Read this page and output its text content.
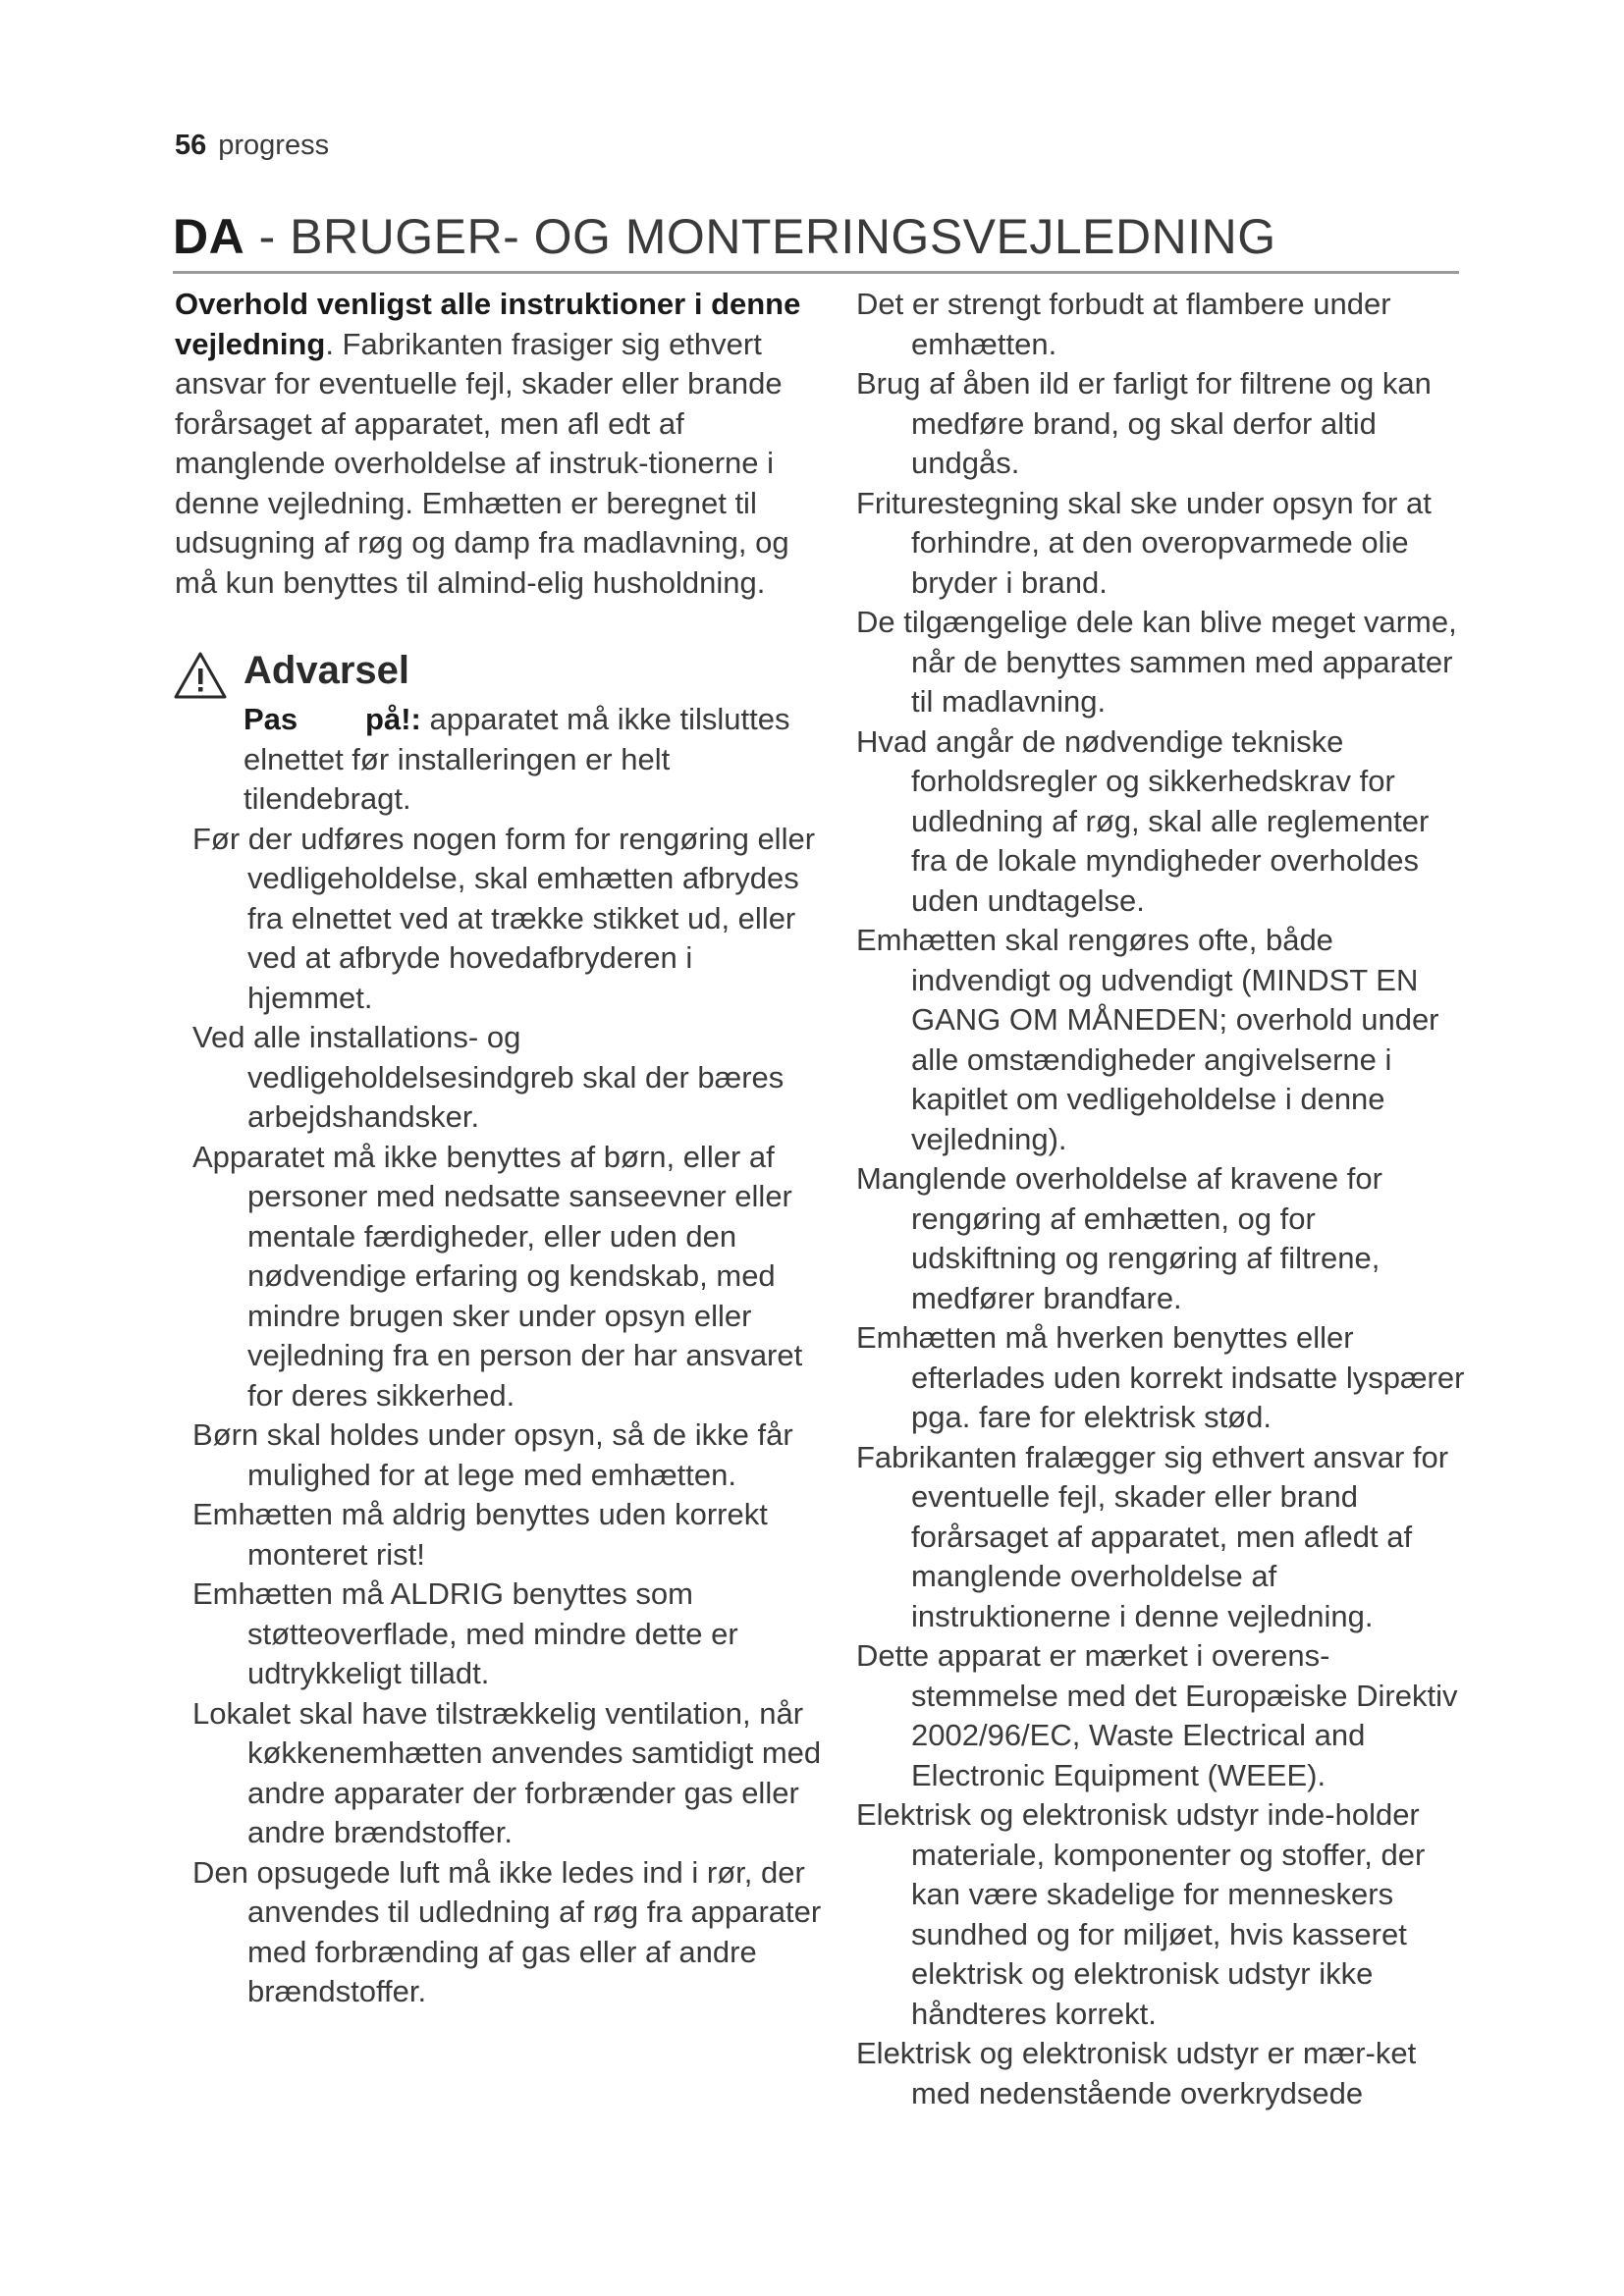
56 progress
DA - BRUGER- OG MONTERINGSVEJLEDNING

Overhold venligst alle instruktioner i denne vejledning. Fabrikanten frasiger sig ethvert ansvar for eventuelle fejl, skader eller brande forårsaget af apparatet, men afl edt af manglende overholdelse af instruk-tionerne i denne vejledning. Emhætten er beregnet til udsugning af røg og damp fra madlavning, og må kun benyttes til almind-elig husholdning.

Advarsel

Pas        på!: apparatet må ikke tilsluttes elnettet før installeringen er helt tilendebragt.

Før der udføres nogen form for rengøring eller vedligeholdelse, skal emhætten afbrydes fra elnettet ved at trække stikket ud, eller ved at afbryde hovedafbryderen i hjemmet.

Ved alle installations- og vedligeholdelsesindgreb skal der bæres arbejdshandsker.

Apparatet må ikke benyttes af børn, eller af personer med nedsatte sanseevner eller mentale færdigheder, eller uden den nødvendige erfaring og kendskab, med mindre brugen sker under opsyn eller vejledning fra en person der har ansvaret for deres sikkerhed.

Børn skal holdes under opsyn, så de ikke får mulighed for at lege med emhætten.

Emhætten må aldrig benyttes uden korrekt monteret rist!

Emhætten må ALDRIG benyttes som støtteoverflade, med mindre dette er udtrykkeligt tilladt.

Lokalet skal have tilstrækkelig ventilation, når køkkenemhætten anvendes samtidigt med andre apparater der forbrænder gas eller andre brændstoffer.

Den opsugede luft må ikke ledes ind i rør, der anvendes til udledning af røg fra apparater med forbrænding af gas eller af andre brændstoffer.

Det er strengt forbudt at flambere under emhætten.

Brug af åben ild er farligt for filtrene og kan medføre brand, og skal derfor altid undgås.

Friturestegning skal ske under opsyn for at forhindre, at den overopvarmede olie bryder i brand.

De tilgængelige dele kan blive meget varme, når de benyttes sammen med apparater til madlavning.

Hvad angår de nødvendige tekniske forholdsregler og sikkerhedskrav for udledning af røg, skal alle reglementer fra de lokale myndigheder overholdes uden undtagelse.

Emhætten skal rengøres ofte, både indvendigt og udvendigt (MINDST EN GANG OM MÅNEDEN; overhold under alle omstændigheder angivelserne i kapitlet om vedligeholdelse i denne vejledning).

Manglende overholdelse af kravene for rengøring af emhætten, og for udskiftning og rengøring af filtrene, medfører brandfare.

Emhætten må hverken benyttes eller efterlades uden korrekt indsatte lyspærer pga. fare for elektrisk stød.

Fabrikanten fralægger sig ethvert ansvar for eventuelle fejl, skader eller brand forårsaget af apparatet, men afledt af manglende overholdelse af instruktionerne i denne vejledning.

Dette apparat er mærket i overens-stemmelse med det Europæiske Direktiv 2002/96/EC, Waste Electrical and Electronic Equipment (WEEE).

Elektrisk og elektronisk udstyr inde-holder materiale, komponenter og stoffer, der kan være skadelige for menneskers sundhed og for miljøet, hvis kasseret elektrisk og elektronisk udstyr ikke håndteres korrekt.

Elektrisk og elektronisk udstyr er mær-ket med nedenstående overkrydsede
